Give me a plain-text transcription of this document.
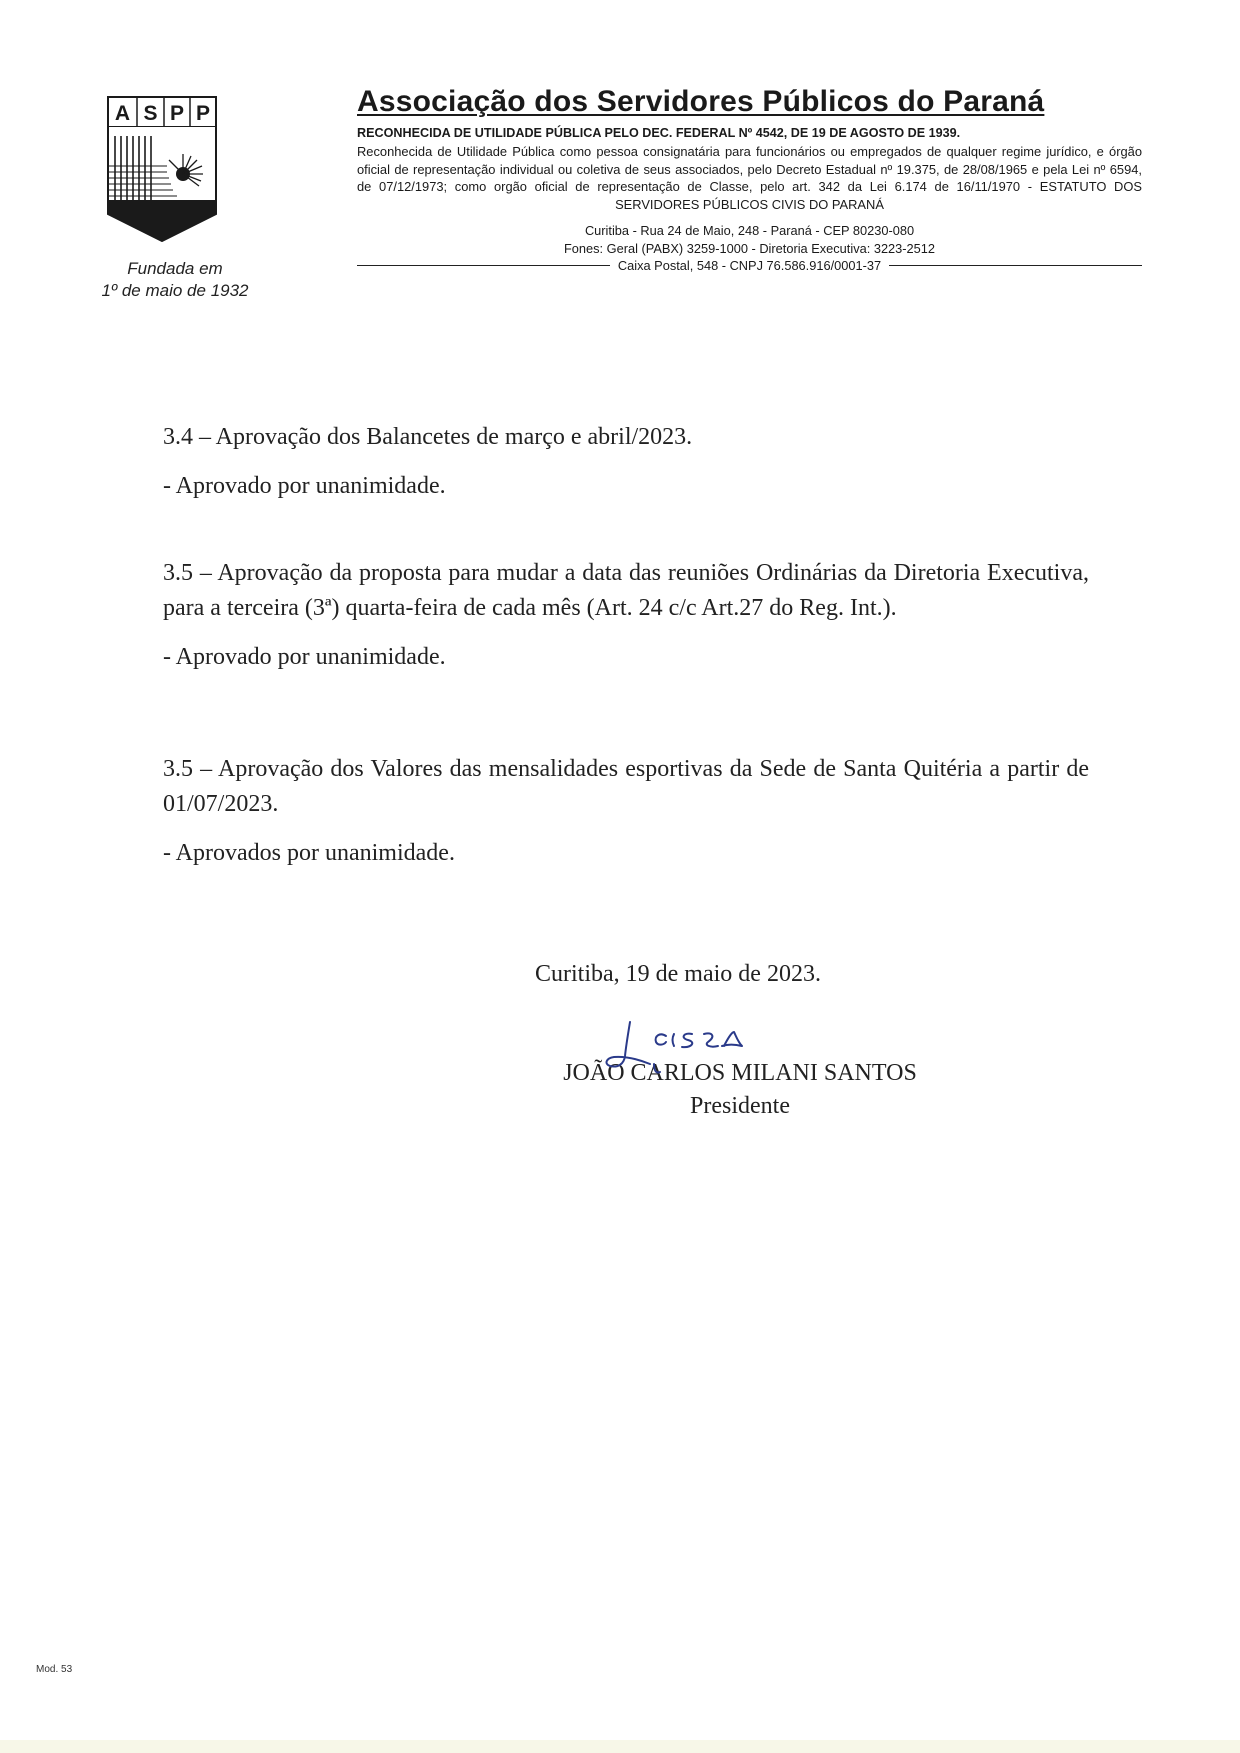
A S P P
Fundada em
1º de maio de 1932
Associação dos Servidores Públicos do Paraná
RECONHECIDA DE UTILIDADE PÚBLICA PELO DEC. FEDERAL Nº 4542, DE 19 DE AGOSTO DE 1939.
Reconhecida de Utilidade Pública como pessoa consignatária para funcionários ou empregados de qualquer regime jurídico, e órgão oficial de representação individual ou coletiva de seus associados, pelo Decreto Estadual nº 19.375, de 28/08/1965 e pela Lei nº 6594, de 07/12/1973; como orgão oficial de representação de Classe, pelo art. 342 da Lei 6.174 de 16/11/1970 - ESTATUTO DOS SERVIDORES PÚBLICOS CIVIS DO PARANÁ
Curitiba - Rua 24 de Maio, 248 - Paraná - CEP 80230-080
Fones: Geral (PABX) 3259-1000 - Diretoria Executiva: 3223-2512
Caixa Postal, 548 - CNPJ 76.586.916/0001-37

3.4 – Aprovação dos Balancetes de março e abril/2023.

- Aprovado por unanimidade.

3.5 – Aprovação da proposta para mudar a data das reuniões Ordinárias da Diretoria Executiva, para a terceira (3ª) quarta-feira de cada mês (Art. 24 c/c Art.27 do Reg. Int.).

- Aprovado por unanimidade.

3.5 – Aprovação dos Valores das mensalidades esportivas da Sede de Santa Quitéria a partir de 01/07/2023.

- Aprovados por unanimidade.

Curitiba, 19 de maio de 2023.
JOÃO CARLOS MILANI SANTOS
Presidente
Mod. 53
